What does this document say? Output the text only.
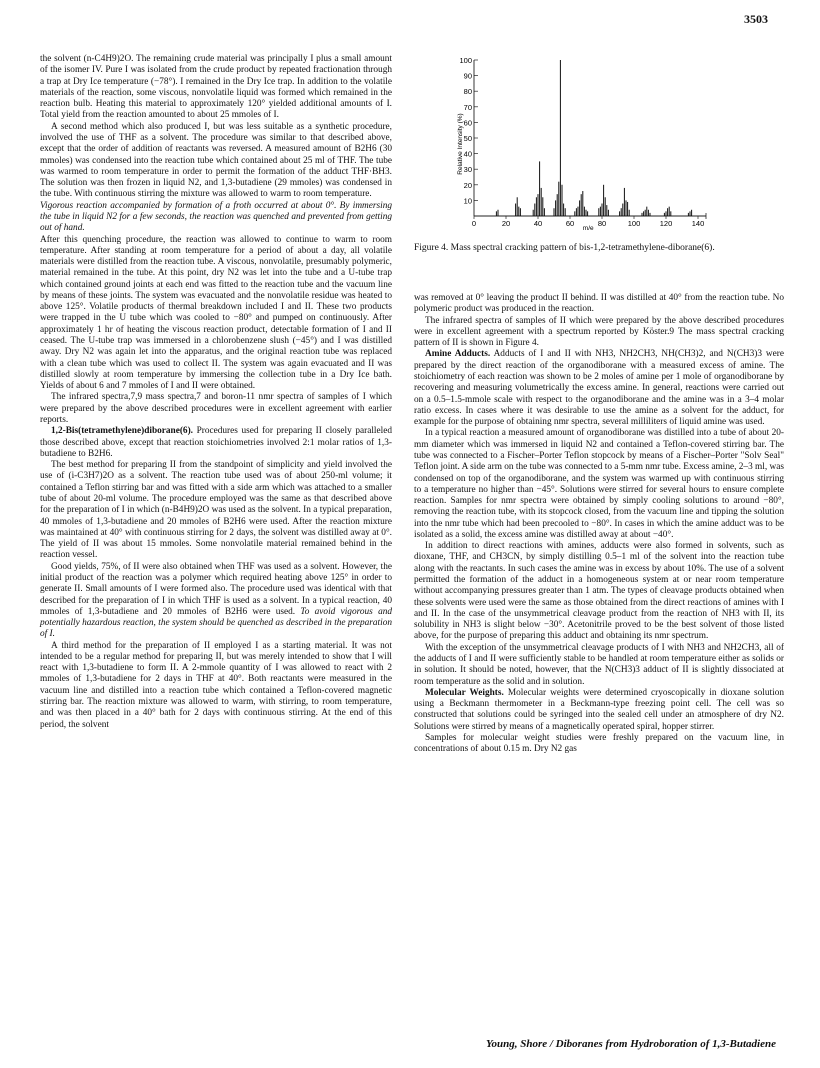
3503

the solvent (n-C4H9)2O. The remaining crude material was principally I plus a small amount of the isomer IV. Pure I was isolated from the crude product by repeated fractionation through a trap at Dry Ice temperature (−78°). I remained in the Dry Ice trap. In addition to the volatile materials of the reaction, some viscous, nonvolatile liquid was formed which remained in the reaction bulb. Heating this material to approximately 120° yielded additional amounts of I. Total yield from the reaction amounted to about 25 mmoles of I.

A second method which also produced I, but was less suitable as a synthetic procedure, involved the use of THF as a solvent. The procedure was similar to that described above, except that the order of addition of reactants was reversed. A measured amount of B2H6 (30 mmoles) was condensed into the reaction tube which contained about 25 ml of THF. The tube was warmed to room temperature in order to permit the formation of the adduct THF·BH3. The solution was then frozen in liquid N2, and 1,3-butadiene (29 mmoles) was condensed in the tube. With continuous stirring the mixture was allowed to warm to room temperature.

Vigorous reaction accompanied by formation of a froth occurred at about 0°. By immersing the tube in liquid N2 for a few seconds, the reaction was quenched and prevented from getting out of hand.

After this quenching procedure, the reaction was allowed to continue to warm to room temperature. After standing at room temperature for a period of about a day, all volatile materials were distilled from the reaction tube. A viscous, nonvolatile, presumably polymeric, material remained in the tube. At this point, dry N2 was let into the tube and a U-tube trap which contained ground joints at each end was fitted to the reaction tube and the vacuum line by means of these joints. The system was evacuated and the nonvolatile residue was heated to above 125°. Volatile products of thermal breakdown included I and II. These two products were trapped in the U tube which was cooled to −80° and pumped on continuously. After approximately 1 hr of heating the viscous reaction product, detectable formation of I and II ceased. The U-tube trap was immersed in a chlorobenzene slush (−45°) and I was distilled away. Dry N2 was again let into the apparatus, and the original reaction tube was replaced with a clean tube which was used to collect II. The system was again evacuated and II was distilled slowly at room temperature by immersing the collection tube in a Dry Ice bath. Yields of about 6 and 7 mmoles of I and II were obtained.

The infrared spectra,7,9 mass spectra,7 and boron-11 nmr spectra of samples of I which were prepared by the above described procedures were in excellent agreement with earlier reports.

1,2-Bis(tetramethylene)diborane(6). Procedures used for preparing II closely paralleled those described above, except that reaction stoichiometries involved 2:1 molar ratios of 1,3-butadiene to B2H6.

The best method for preparing II from the standpoint of simplicity and yield involved the use of (i-C3H7)2O as a solvent. The reaction tube used was of about 250-ml volume; it contained a Teflon stirring bar and was fitted with a side arm which was attached to a smaller tube of about 20-ml volume. The procedure employed was the same as that described above for the preparation of I in which (n-B4H9)2O was used as the solvent. In a typical preparation, 40 mmoles of 1,3-butadiene and 20 mmoles of B2H6 were used. After the reaction mixture was maintained at 40° with continuous stirring for 2 days, the solvent was distilled away at 0°. The yield of II was about 15 mmoles. Some nonvolatile material remained behind in the reaction vessel.

Good yields, 75%, of II were also obtained when THF was used as a solvent. However, the initial product of the reaction was a polymer which required heating above 125° in order to generate II. Small amounts of I were formed also. The procedure used was identical with that described for the preparation of I in which THF is used as a solvent. In a typical reaction, 40 mmoles of 1,3-butadiene and 20 mmoles of B2H6 were used. To avoid vigorous and potentially hazardous reaction, the system should be quenched as described in the preparation of I.

A third method for the preparation of II employed I as a starting material. It was not intended to be a regular method for preparing II, but was merely intended to show that I will react with 1,3-butadiene to form II. A 2-mmole quantity of I was allowed to react with 2 mmoles of 1,3-butadiene for 2 days in THF at 40°. Both reactants were measured in the vacuum line and distilled into a reaction tube which contained a Teflon-covered magnetic stirring bar. The reaction mixture was allowed to warm, with stirring, to room temperature, and was then placed in a 40° bath for 2 days with continuous stirring. At the end of this period, the solvent

10
20
30
40
50
60
70
80
90
100
0	20	40	60	80	100	120	140
m/e
Relative Intensity (%)
Figure 4. Mass spectral cracking pattern of bis-1,2-tetramethylene-diborane(6).

was removed at 0° leaving the product II behind. II was distilled at 40° from the reaction tube. No polymeric product was produced in the reaction.

The infrared spectra of samples of II which were prepared by the above described procedures were in excellent agreement with a spectrum reported by Köster.9 The mass spectral cracking pattern of II is shown in Figure 4.

Amine Adducts. Adducts of I and II with NH3, NH2CH3, NH(CH3)2, and N(CH3)3 were prepared by the direct reaction of the organodiborane with a measured excess of amine. The stoichiometry of each reaction was shown to be 2 moles of amine per 1 mole of organodiborane by recovering and measuring volumetrically the excess amine. In general, reactions were carried out on a 0.5–1.5-mmole scale with respect to the organodiborane and the amine was in a 3–4 molar ratio excess. In cases where it was desirable to use the amine as a solvent for the adduct, for example for the purpose of obtaining nmr spectra, several milliliters of liquid amine was used.

In a typical reaction a measured amount of organodiborane was distilled into a tube of about 20-mm diameter which was immersed in liquid N2 and contained a Teflon-covered stirring bar. The tube was connected to a Fischer–Porter Teflon stopcock by means of a Fischer–Porter "Solv Seal" Teflon joint. A side arm on the tube was connected to a 5-mm nmr tube. Excess amine, 2–3 ml, was condensed on top of the organodiborane, and the system was warmed up with continuous stirring to a temperature no higher than −45°. Solutions were stirred for several hours to ensure complete reaction. Samples for nmr spectra were obtained by simply cooling solutions to around −80°, removing the reaction tube, with its stopcock closed, from the vacuum line and tipping the solution into the nmr tube which had been precooled to −80°. In cases in which the amine adduct was to be isolated as a solid, the excess amine was distilled away at about −40°.

In addition to direct reactions with amines, adducts were also formed in solvents, such as dioxane, THF, and CH3CN, by simply distilling 0.5–1 ml of the solvent into the reaction tube along with the reactants. In such cases the amine was in excess by about 10%. The use of a solvent permitted the formation of the adduct in a homogeneous system at or near room temperature without accompanying pressures greater than 1 atm. The types of cleavage products obtained when these solvents were used were the same as those obtained from the direct reactions of amines with I and II. In the case of the unsymmetrical cleavage product from the reaction of NH3 with II, its solubility in NH3 is slight below −30°. Acetonitrile proved to be the best solvent of those listed above, for the purpose of preparing this adduct and obtaining its nmr spectrum.

With the exception of the unsymmetrical cleavage products of I with NH3 and NH2CH3, all of the adducts of I and II were sufficiently stable to be handled at room temperature either as solids or in solution. It should be noted, however, that the N(CH3)3 adduct of II is slightly dissociated at room temperature as the solid and in solution.

Molecular Weights. Molecular weights were determined cryoscopically in dioxane solution using a Beckmann thermometer in a Beckmann-type freezing point cell. The cell was so constructed that solutions could be syringed into the sealed cell under an atmosphere of dry N2. Solutions were stirred by means of a magnetically operated spiral, hopper stirrer.

Samples for molecular weight studies were freshly prepared on the vacuum line, in concentrations of about 0.15 m. Dry N2 gas

Young, Shore / Diboranes from Hydroboration of 1,3-Butadiene
